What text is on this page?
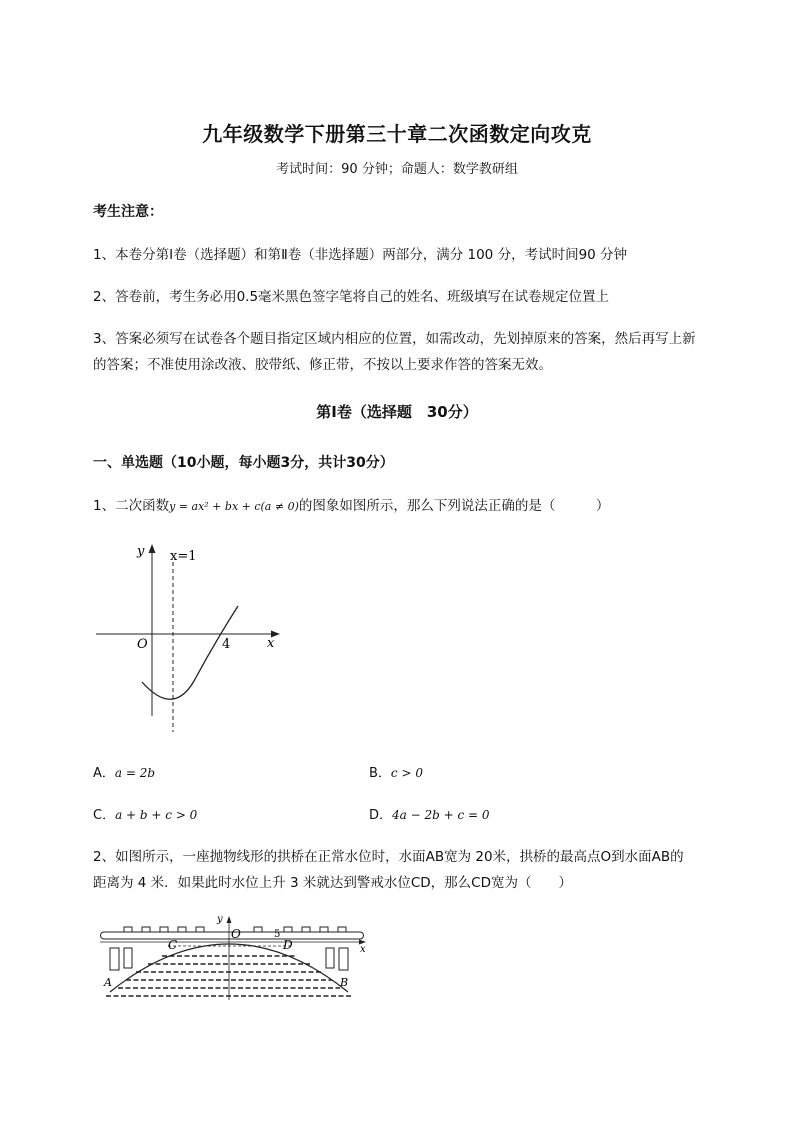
九年级数学下册第三十章二次函数定向攻克
考试时间：90 分钟；命题人：数学教研组
考生注意：
1、本卷分第Ⅰ卷（选择题）和第Ⅱ卷（非选择题）两部分，满分 100 分，考试时间90 分钟
2、答卷前，考生务必用0.5毫米黑色签字笔将自己的姓名、班级填写在试卷规定位置上
3、答案必须写在试卷各个题目指定区域内相应的位置，如需改动，先划掉原来的答案，然后再写上新
的答案；不准使用涂改液、胶带纸、修正带，不按以上要求作答的答案无效。
第Ⅰ卷（选择题　30分）
一、单选题（10小题，每小题3分，共计30分）
1、二次函数y = ax² + bx + c(a ≠ 0)的图象如图所示，那么下列说法正确的是（　　　）
y
x
O
x=1
4
A．a = 2b	B．c > 0
C．a + b + c > 0	D．4a − 2b + c = 0
2、如图所示，一座抛物线形的拱桥在正常水位时，水面AB宽为 20米，拱桥的最高点O到水面AB的
距离为 4 米．如果此时水位上升 3 米就达到警戒水位CD，那么CD宽为（　　）
y
x
O
C	D
A	B
5
